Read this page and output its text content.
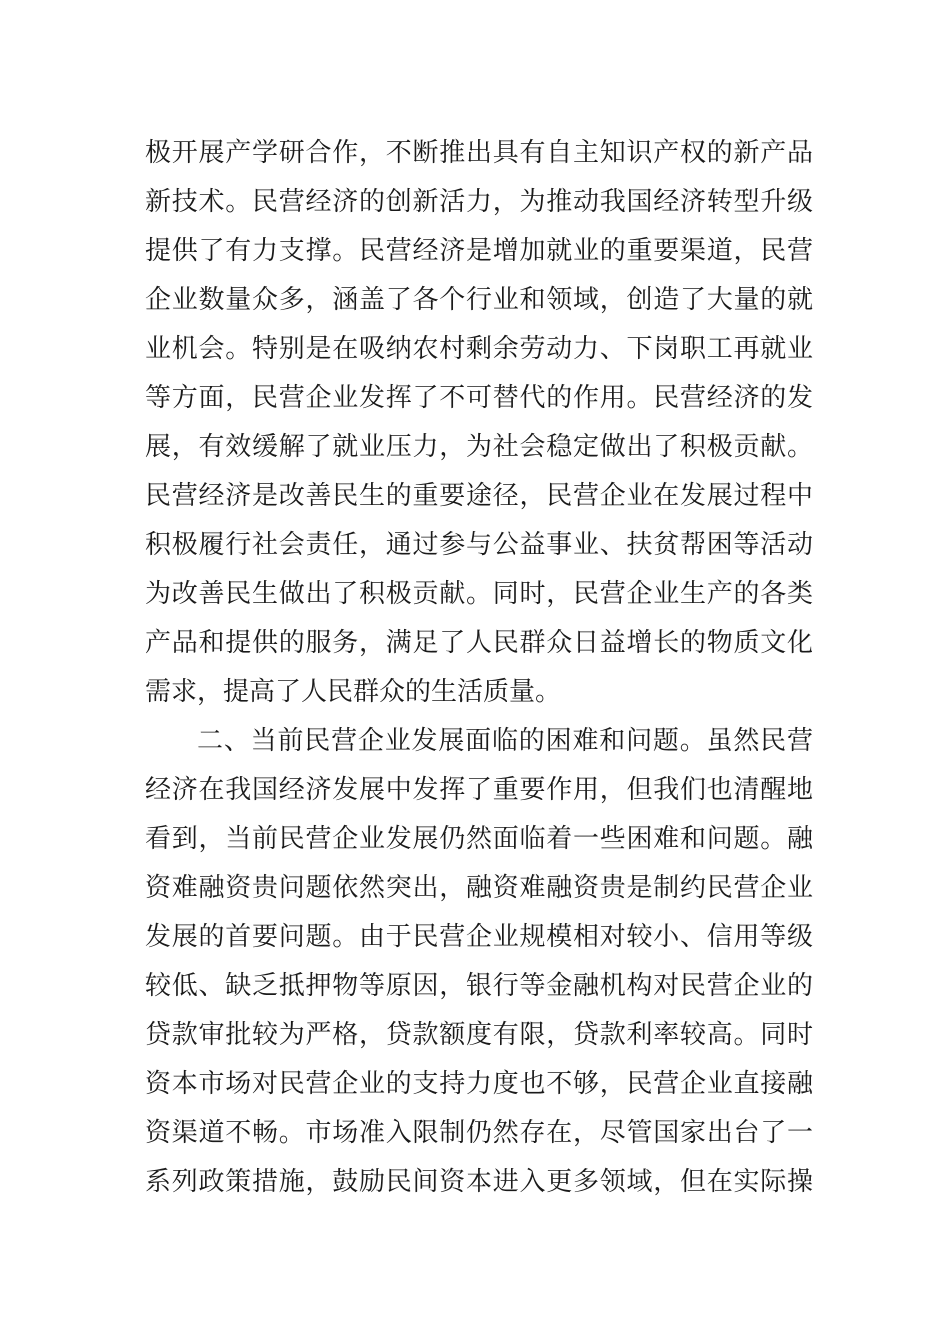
极开展产学研合作，不断推出具有自主知识产权的新产品
新技术。民营经济的创新活力，为推动我国经济转型升级
提供了有力支撑。民营经济是增加就业的重要渠道，民营
企业数量众多，涵盖了各个行业和领域，创造了大量的就
业机会。特别是在吸纳农村剩余劳动力、下岗职工再就业
等方面，民营企业发挥了不可替代的作用。民营经济的发
展，有效缓解了就业压力，为社会稳定做出了积极贡献。
民营经济是改善民生的重要途径，民营企业在发展过程中
积极履行社会责任，通过参与公益事业、扶贫帮困等活动
为改善民生做出了积极贡献。同时，民营企业生产的各类
产品和提供的服务，满足了人民群众日益增长的物质文化
需求，提高了人民群众的生活质量。
二、当前民营企业发展面临的困难和问题。虽然民营
经济在我国经济发展中发挥了重要作用，但我们也清醒地
看到，当前民营企业发展仍然面临着一些困难和问题。融
资难融资贵问题依然突出，融资难融资贵是制约民营企业
发展的首要问题。由于民营企业规模相对较小、信用等级
较低、缺乏抵押物等原因，银行等金融机构对民营企业的
贷款审批较为严格，贷款额度有限，贷款利率较高。同时
资本市场对民营企业的支持力度也不够，民营企业直接融
资渠道不畅。市场准入限制仍然存在，尽管国家出台了一
系列政策措施，鼓励民间资本进入更多领域，但在实际操
